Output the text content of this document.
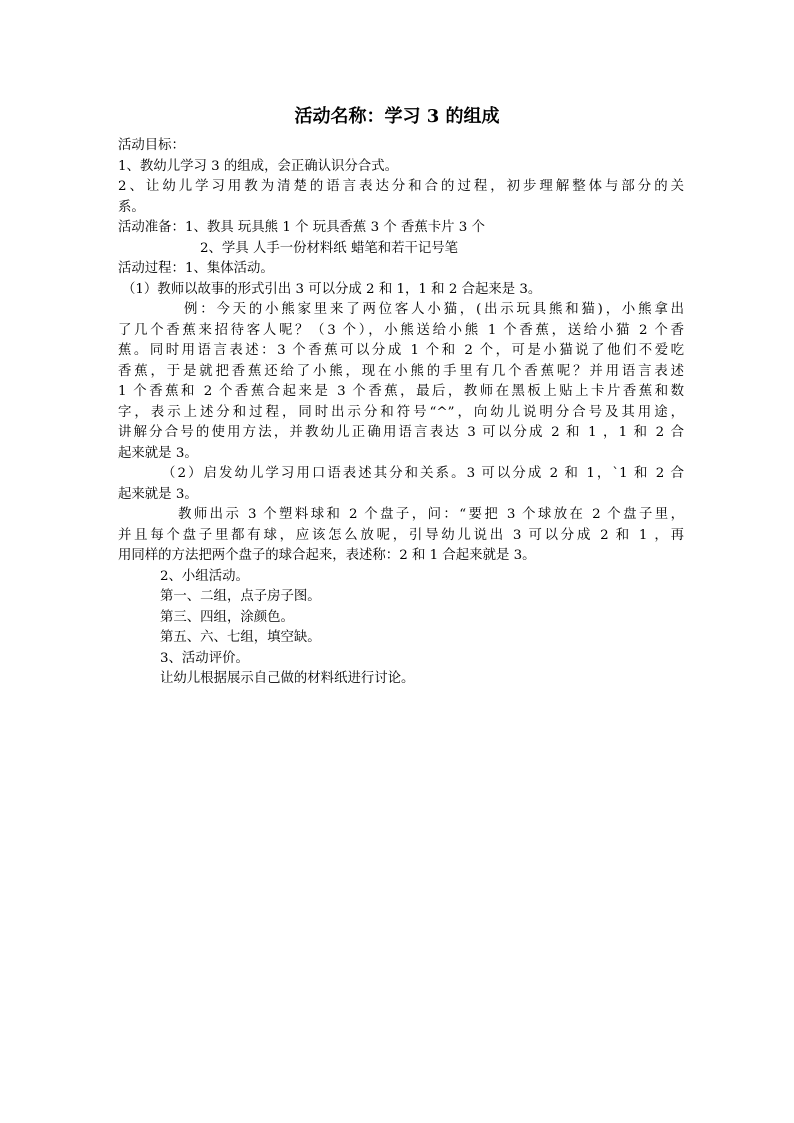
活动名称：学习 3 的组成
活动目标：
1、教幼儿学习 3 的组成，会正确认识分合式。
2、让幼儿学习用教为清楚的语言表达分和合的过程，初步理解整体与部分的关
系。
活动准备：1、教具 玩具熊 1 个 玩具香蕉 3 个 香蕉卡片 3 个
2、学具 人手一份材料纸 蜡笔和若干记号笔
活动过程：1、集体活动。
（1）教师以故事的形式引出 3 可以分成 2 和 1，1 和 2 合起来是 3。
例：今天的小熊家里来了两位客人小猫，(出示玩具熊和猫)，小熊拿出
了几个香蕉来招待客人呢？（3 个），小熊送给小熊 1 个香蕉，送给小猫 2 个香
蕉。同时用语言表述：3 个香蕉可以分成 1 个和 2 个，可是小猫说了他们不爱吃
香蕉，于是就把香蕉还给了小熊，现在小熊的手里有几个香蕉呢？并用语言表述
1 个香蕉和 2 个香蕉合起来是 3 个香蕉，最后，教师在黑板上贴上卡片香蕉和数
字，表示上述分和过程，同时出示分和符号“^”，向幼儿说明分合号及其用途，
讲解分合号的使用方法，并教幼儿正确用语言表达 3 可以分成 2 和 1 ，1 和 2 合
起来就是 3。
（2）启发幼儿学习用口语表述其分和关系。3 可以分成 2 和 1，`1 和 2 合
起来就是 3。
教师出示 3 个塑料球和 2 个盘子，问：“要把 3 个球放在 2 个盘子里，
并且每个盘子里都有球，应该怎么放呢，引导幼儿说出 3 可以分成 2 和 1 ，再
用同样的方法把两个盘子的球合起来，表述称：2 和 1 合起来就是 3。
2、小组活动。
第一、二组，点子房子图。
第三、四组，涂颜色。
第五、六、七组，填空缺。
3、活动评价。
让幼儿根据展示自己做的材料纸进行讨论。
